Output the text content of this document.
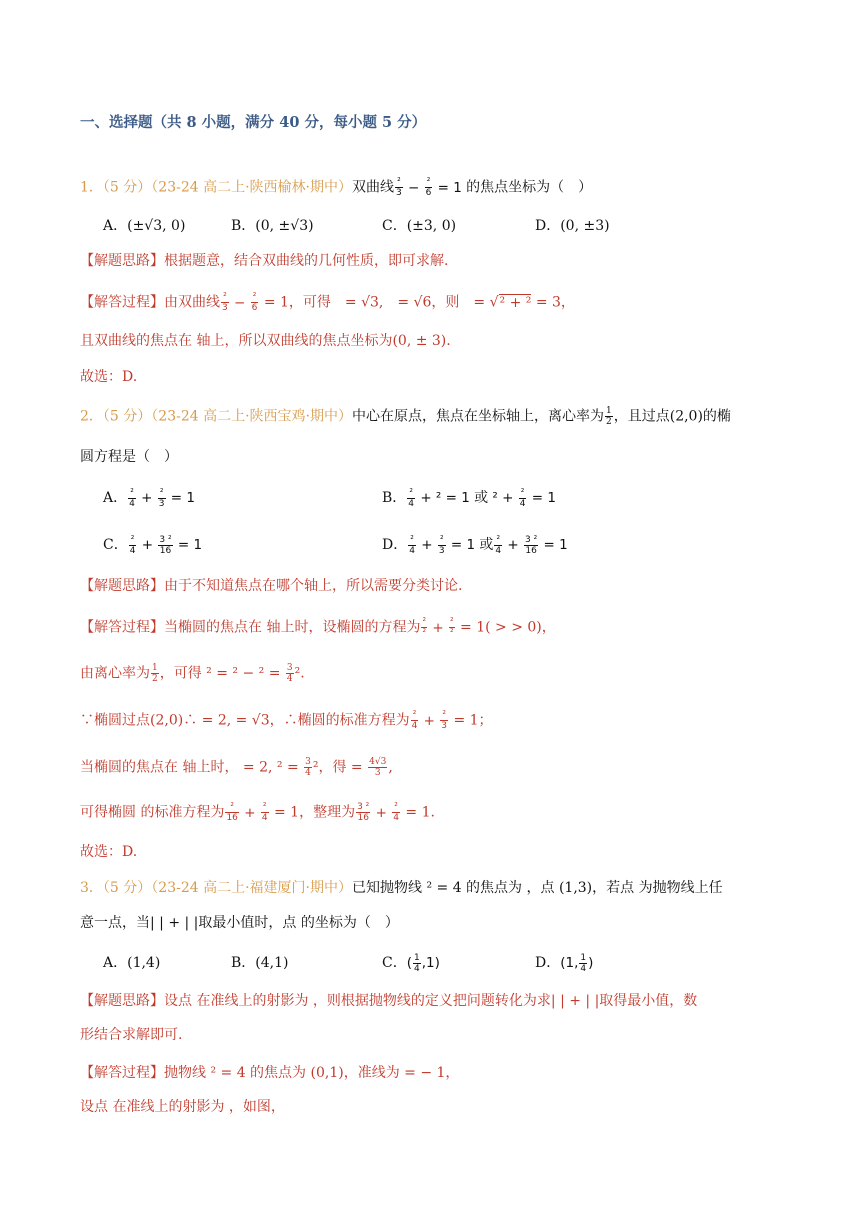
一、选择题（共 8 小题，满分 40 分，每小题 5 分）
1．（5 分）（23-24 高二上·陕西榆林·期中）双曲线 ²
3 − ²
6 = 1 的焦点坐标为（　）
A．(±√3, 0)	B．(0, ±√3)	C．(±3, 0)	D．(0, ±3)
【解题思路】根据题意，结合双曲线的几何性质，即可求解.
【解答过程】由双曲线 ²
3 − ²
6 = 1，可得　= √3,　= √6，则　= √² + ² = 3，
且双曲线的焦点在 轴上，所以双曲线的焦点坐标为(0, ± 3).
故选：D.
2．（5 分）（23-24 高二上·陕西宝鸡·期中）中心在原点，焦点在坐标轴上，离心率为 $\frac{1}{2}$ ，且过点(2,0)的椭
圆方程是（　）
A． ²
4 + ²
3 = 1	B． ²
4 + ² = 1 或 ² + ²
4 = 1
C． ²
$4 + \frac{\text{3 ²}}{16} = 1$	D． ²
4 + ²
3 = 1 或 ²
$4 + \frac{\text{3 ²}}{16} = 1$
【解题思路】由于不知道焦点在哪个轴上，所以需要分类讨论.
【解答过程】当椭圆的焦点在 轴上时，设椭圆的方程为 ²
² + ²
² = 1( > > 0)，
由离心率为 $\frac{1}{2}$ ，可得 $^2 = ^2 - ^2 = \frac{3}{4} ^2$.
∵椭圆过点(2,0)∴ = 2, = √3，∴椭圆的标准方程为 ²
4 + ²
3 = 1；
当椭圆的焦点在 轴上时， = 2, $^2 = \frac{3}{4} ^2$，得 = $\frac{4√3}{3}$ ,
可得椭圆 的标准方程为 ²
16 + ²
4 = 1，整理为 $\frac{\text{3 ²}}{16} + ^2$
4 = 1.
故选：D.
3．（5 分）（23-24 高二上·福建厦门·期中）已知抛物线 ² = 4 的焦点为 ，点 (1,3)，若点 为抛物线上任
意一点，当| | + | |取最小值时，点 的坐标为（　）
A．(1,4)	B．(4,1)	C．( $\frac{1}{4} ,1$)	D．(1, $\frac{1}{4}$ )
【解题思路】设点 在准线上的射影为 ，则根据抛物线的定义把问题转化为求| | + | |取得最小值，数
形结合求解即可.
【解答过程】抛物线 ² = 4 的焦点为 (0,1)，准线为 = − 1，
设点 在准线上的射影为 ，如图，
